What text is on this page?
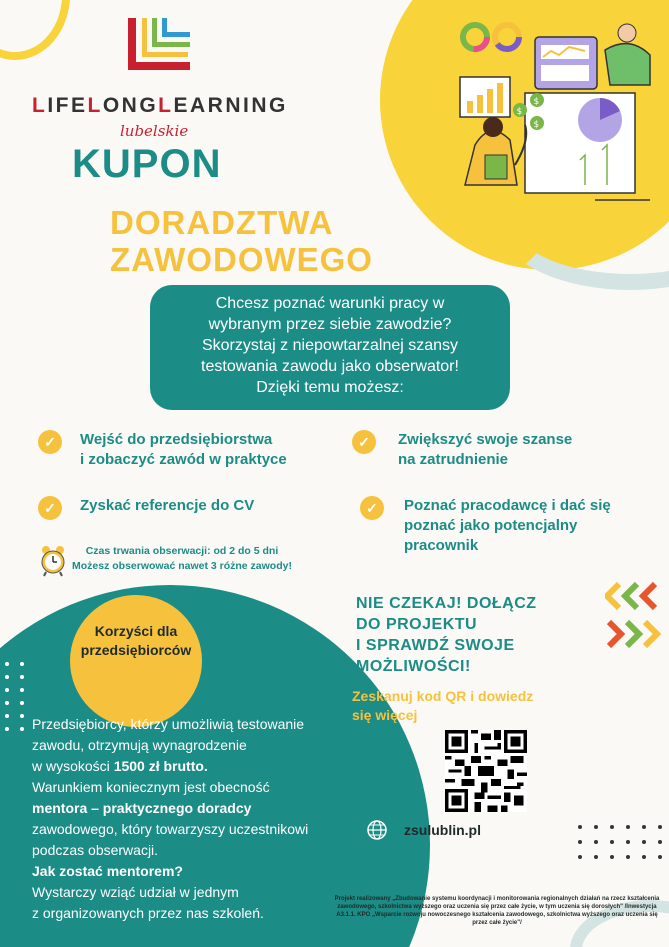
LIFELONGLEARNING
lubelskie
KUPON
DORADZTWA
ZAWODOWEGO
$
$
$
Chcesz poznać warunki pracy w
wybranym przez siebie zawodzie?
Skorzystaj z niepowtarzalnej szansy
testowania zawodu jako obserwator!
Dzięki temu możesz:
✓	Wejść do przedsiębiorstwa
i zobaczyć zawód w praktyce
✓	Zwiększyć swoje szanse
na zatrudnienie
✓	Zyskać referencje do CV	✓	Poznać pracodawcę i dać się
poznać jako potencjalny
pracownik
Czas trwania obserwacji: od 2 do 5 dni
Możesz obserwować nawet 3 różne zawody!
Korzyści dla
przedsiębiorców
Przedsiębiorcy, którzy umożliwią testowanie
zawodu, otrzymują wynagrodzenie
w wysokości 1500 zł brutto.
Warunkiem koniecznym jest obecność
mentora – praktycznego doradcy
zawodowego, który towarzyszy uczestnikowi
podczas obserwacji.
Jak zostać mentorem?
Wystarczy wziąć udział w jednym
z organizowanych przez nas szkoleń.
NIE CZEKAJ! DOŁĄCZ
DO PROJEKTU
I SPRAWDŹ SWOJE
MOŻLIWOŚCI!
Zeskanuj kod QR i dowiedz
się więcej
zsulublin.pl
Projekt realizowany „Zbudowanie systemu koordynacji i monitorowania regionalnych działań na rzecz kształcenia zawodowego, szkolnictwa wyższego oraz uczenia się przez całe życie, w tym uczenia się dorosłych" /Inwestycja A3.1.1. KPO „Wsparcie rozwoju nowoczesnego kształcenia zawodowego, szkolnictwa wyższego oraz uczenia się przez całe życie"/
